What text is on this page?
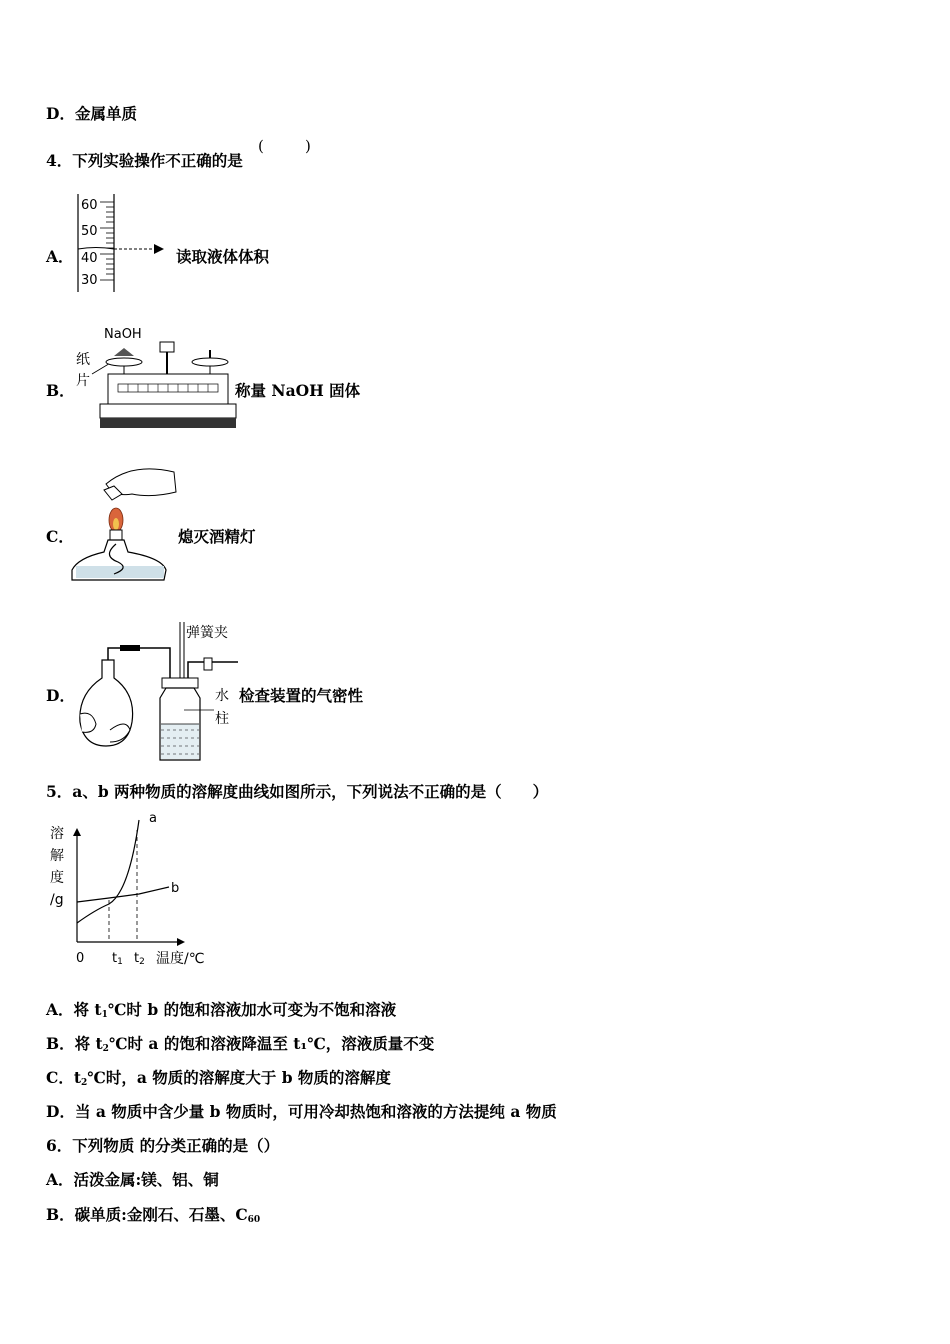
D．金属单质
4．下列实验操作不正确的是
(	)
A．
60
50
40
30
读取液体体积
B．
NaOH
纸
片	称量 NaOH 固体
C．	熄灭酒精灯
D．
弹簧夹
水
柱
检查装置的气密性
5．a、b 两种物质的溶解度曲线如图所示，下列说法不正确的是（　　）
溶
解
度
/g
a
b
0 t1 t2 温度/℃
A．将 $t_1℃$时 b 的饱和溶液加水可变为不饱和溶液
B．将 $t_2℃$时 a 的饱和溶液降温至 t₁℃，溶液质量不变
C．$t_2℃$时，a 物质的溶解度大于 b 物质的溶解度
D．当 a 物质中含少量 b 物质时，可用冷却热饱和溶液的方法提纯 a 物质
6．下列物质 的分类正确的是（）
A．活泼金属:镁、铝、铜
B．碳单质:金刚石、石墨、$C_{60}$
